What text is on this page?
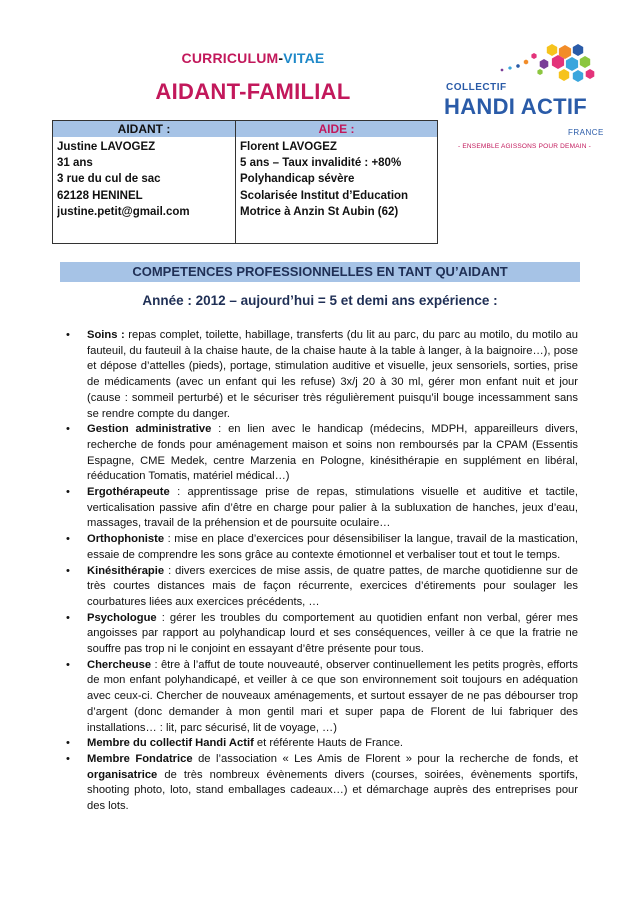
CURRICULUM-VITAE
AIDANT-FAMILIAL	COLLECTIF
HANDI ACTIF
FRANCE
- ENSEMBLE AGISSONS POUR DEMAIN -
AIDANT :
Justine LAVOGEZ
31 ans
3 rue du cul de sac
62128 HENINEL
justine.petit@gmail.com
AIDE :
Florent LAVOGEZ
5 ans – Taux invalidité : +80%
Polyhandicap sévère
Scolarisée Institut d’Education
Motrice à Anzin St Aubin (62)
COMPETENCES PROFESSIONNELLES EN TANT QU’AIDANT
Année : 2012 – aujourd’hui = 5 et demi ans expérience :
• Soins : repas complet, toilette, habillage, transferts (du lit au parc, du parc au motilo, du motilo au fauteuil, du fauteuil à la chaise haute, de la chaise haute à la table à langer, à la baignoire…), pose et dépose d’attelles (pieds), portage, stimulation auditive et visuelle, jeux sensoriels, sorties, prise de médicaments (avec un enfant qui les refuse) 3x/j 20 à 30 ml, gérer mon enfant nuit et jour (cause : sommeil perturbé) et le sécuriser très régulièrement puisqu’il bouge incessamment sans se rendre compte du danger.
• Gestion administrative : en lien avec le handicap (médecins, MDPH, appareilleurs divers, recherche de fonds pour aménagement maison et soins non remboursés par la CPAM (Essentis Espagne, CME Medek, centre Marzenia en Pologne, kinésithérapie en supplément en libéral, rééducation Tomatis, matériel médical…)
• Ergothérapeute : apprentissage prise de repas, stimulations visuelle et auditive et tactile, verticalisation passive afin d’être en charge pour palier à la subluxation de hanches, jeux d’eau, massages, travail de la préhension et de poursuite oculaire…
• Orthophoniste : mise en place d’exercices pour désensibiliser la langue, travail de la mastication, essaie de comprendre les sons grâce au contexte émotionnel et verbaliser tout et tout le temps.
• Kinésithérapie : divers exercices de mise assis, de quatre pattes, de marche quotidienne sur de très courtes distances mais de façon récurrente, exercices d’étirements pour soulager les courbatures liées aux exercices précédents, …
• Psychologue : gérer les troubles du comportement au quotidien enfant non verbal, gérer mes angoisses par rapport au polyhandicap lourd et ses conséquences, veiller à ce que la fratrie ne souffre pas trop ni le conjoint en essayant d’être présente pour tous.
• Chercheuse : être à l’affut de toute nouveauté, observer continuellement les petits progrès, efforts de mon enfant polyhandicapé, et veiller à ce que son environnement soit toujours en adéquation avec ceux-ci. Chercher de nouveaux aménagements, et surtout essayer de ne pas débourser trop d’argent (donc demander à mon gentil mari et super papa de Florent de lui fabriquer des installations… : lit, parc sécurisé, lit de voyage, …)
• Membre du collectif Handi Actif et référente Hauts de France.
• Membre Fondatrice de l’association « Les Amis de Florent » pour la recherche de fonds, et organisatrice de très nombreux évènements divers (courses, soirées, évènements sportifs, shooting photo, loto, stand emballages cadeaux…) et démarchage auprès des entreprises pour des lots.
